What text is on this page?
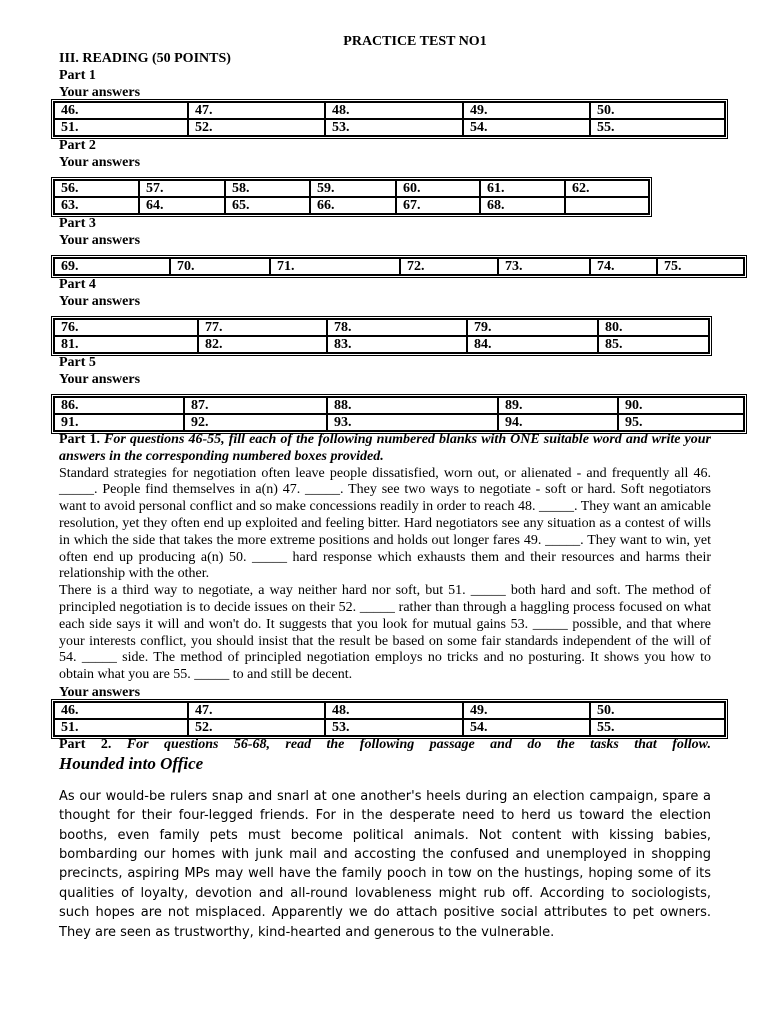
PRACTICE TEST NO1
III. READING (50 POINTS)
Part 1
Your answers
46.	47.	48.	49.	50.
51.	52.	53.	54.	55.
Part 2
Your answers
56.	57.	58.	59.	60.	61.	62.
63.	64.	65.	66.	67.	68.	
Part 3
Your answers
69.	70.	71.	72.	73.	74.	75.
Part 4
Your answers
76.	77.	78.	79.	80.
81.	82.	83.	84.	85.
Part 5
Your answers
86.	87.	88.	89.	90.
91.	92.	93.	94.	95.
Part 1. For questions 46-55, fill each of the following numbered blanks with ONE suitable word and write your answers in the corresponding numbered boxes provided.
Standard strategies for negotiation often leave people dissatisfied, worn out, or alienated - and frequently all 46. _____. People find themselves in a(n) 47. _____. They see two ways to negotiate - soft or hard. Soft negotiators want to avoid personal conflict and so make concessions readily in order to reach 48. _____. They want an amicable resolution, yet they often end up exploited and feeling bitter. Hard negotiators see any situation as a contest of wills in which the side that takes the more extreme positions and holds out longer fares 49. _____. They want to win, yet often end up producing a(n) 50. _____ hard response which exhausts them and their resources and harms their relationship with the other.
There is a third way to negotiate, a way neither hard nor soft, but 51. _____ both hard and soft. The method of principled negotiation is to decide issues on their 52. _____ rather than through a haggling process focused on what each side says it will and won't do. It suggests that you look for mutual gains 53. _____ possible, and that where your interests conflict, you should insist that the result be based on some fair standards independent of the will of 54. _____ side. The method of principled negotiation employs no tricks and no posturing. It shows you how to obtain what you are 55. _____ to and still be decent.
Your answers
46.	47.	48.	49.	50.
51.	52.	53.	54.	55.
Part 2. For questions 56-68, read the following passage and do the tasks that follow.
Hounded into Office
As our would-be rulers snap and snarl at one another's heels during an election campaign, spare a thought for their four-legged friends. For in the desperate need to herd us toward the election booths, even family pets must become political animals. Not content with kissing babies, bombarding our homes with junk mail and accosting the confused and unemployed in shopping precincts, aspiring MPs may well have the family pooch in tow on the hustings, hoping some of its qualities of loyalty, devotion and all-round lovableness might rub off. According to sociologists, such hopes are not misplaced. Apparently we do attach positive social attributes to pet owners. They are seen as trustworthy, kind-hearted and generous to the vulnerable.
